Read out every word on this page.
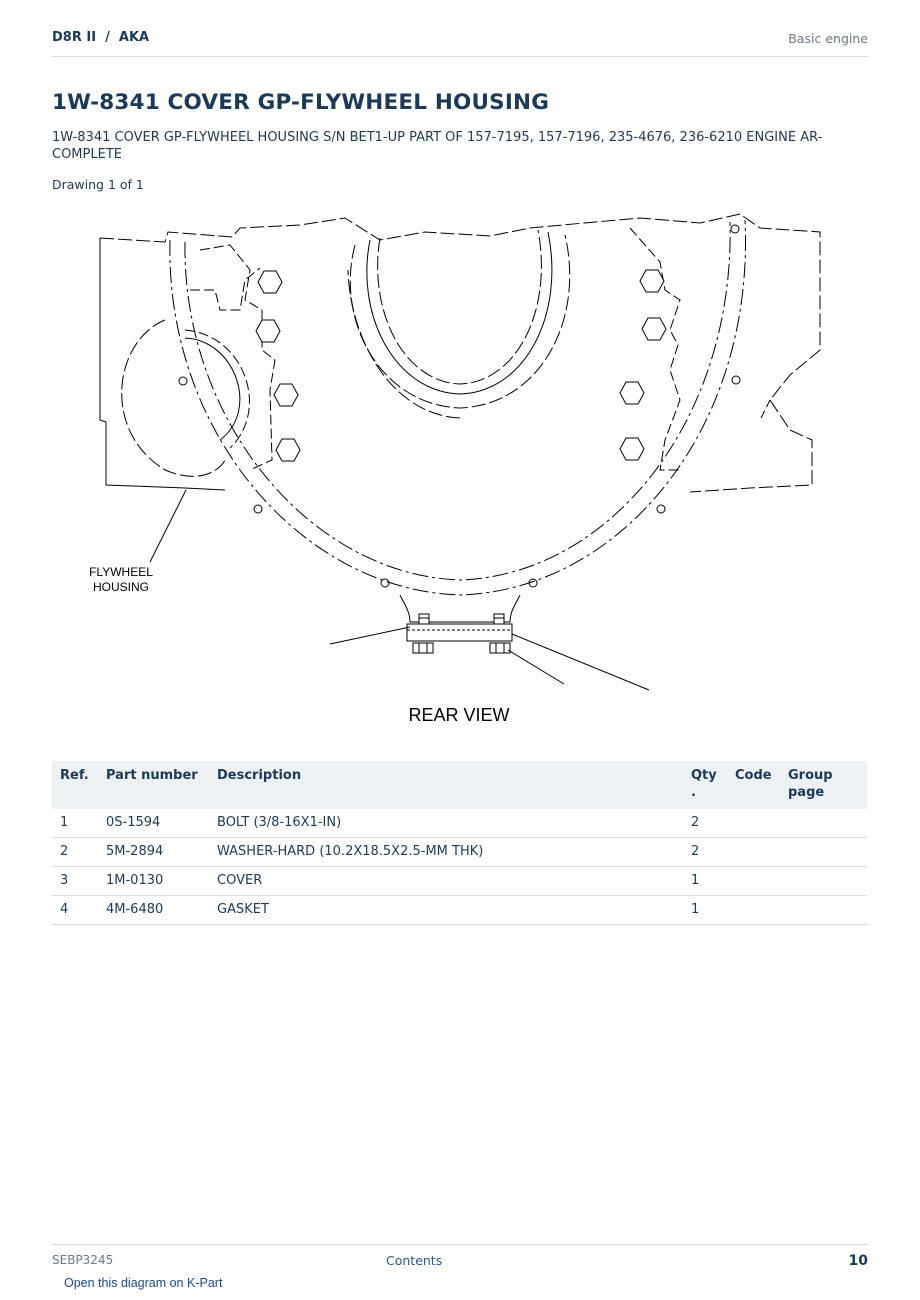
D8R II  /  AKA	Basic engine
1W-8341 COVER GP-FLYWHEEL HOUSING
1W-8341 COVER GP-FLYWHEEL HOUSING S/N BET1-UP PART OF 157-7195, 157-7196, 235-4676, 236-6210 ENGINE AR-COMPLETE
Drawing 1 of 1
FLYWHEEL
HOUSING
REAR VIEW
Ref.	Part number	Description	Qty .	Code	Group page
1	0S-1594	BOLT (3/8-16X1-IN)	2		
2	5M-2894	WASHER-HARD (10.2X18.5X2.5-MM THK)	2		
3	1M-0130	COVER	1		
4	4M-6480	GASKET	1		
SEBP3245	Contents	10
Open this diagram on K-Part
